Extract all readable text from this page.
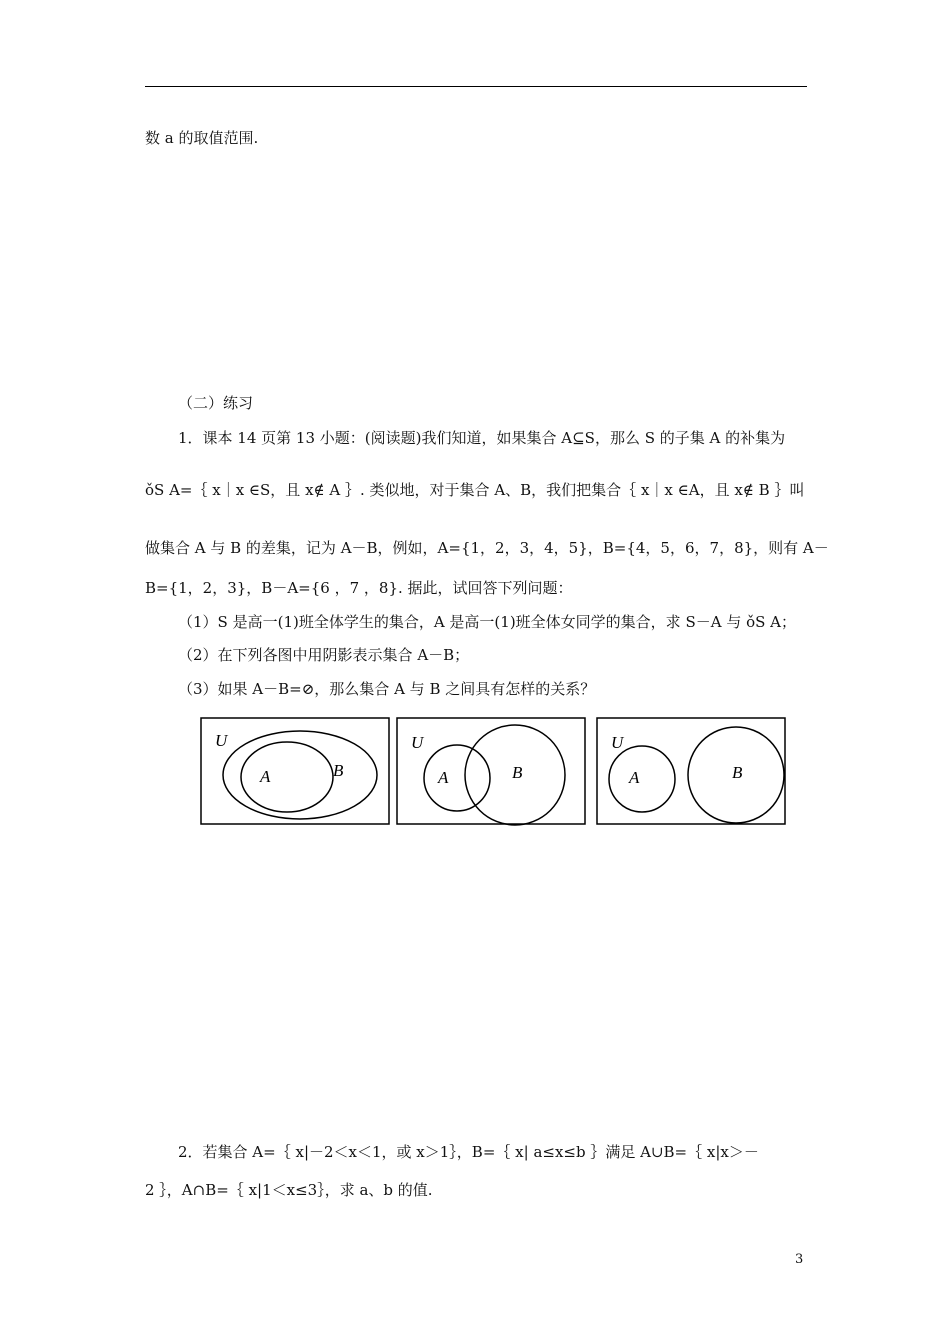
数 a 的取值范围.
（二）练习
1．课本 14 页第 13 小题：(阅读题)我们知道，如果集合 A⊆S，那么 S 的子集 A 的补集为
ǒS A=｛ x｜x ∈S，且 x∉ A ｝. 类似地，对于集合 A、B，我们把集合｛ x｜x ∈A，且 x∉ B ｝叫
做集合 A 与 B 的差集，记为 A－B，例如，A={1，2，3，4，5}，B={4，5，6，7，8}，则有 A－
B={1，2，3}，B－A={6 ，7 ，8}. 据此，试回答下列问题：
（1）S 是高一(1)班全体学生的集合，A 是高一(1)班全体女同学的集合，求 S－A 与 ǒS A；
（2）在下列各图中用阴影表示集合 A－B；
（3）如果 A－B=⊘，那么集合 A 与 B 之间具有怎样的关系？
U
A	B
U
A	B
U
A	B
2．若集合 A=｛ x|－2＜x＜1，或 x＞1｝，B=｛ x| a≤x≤b ｝满足 A∪B=｛ x|x＞－
2 ｝，A∩B=｛ x|1＜x≤3｝，求 a、b 的值.
3
